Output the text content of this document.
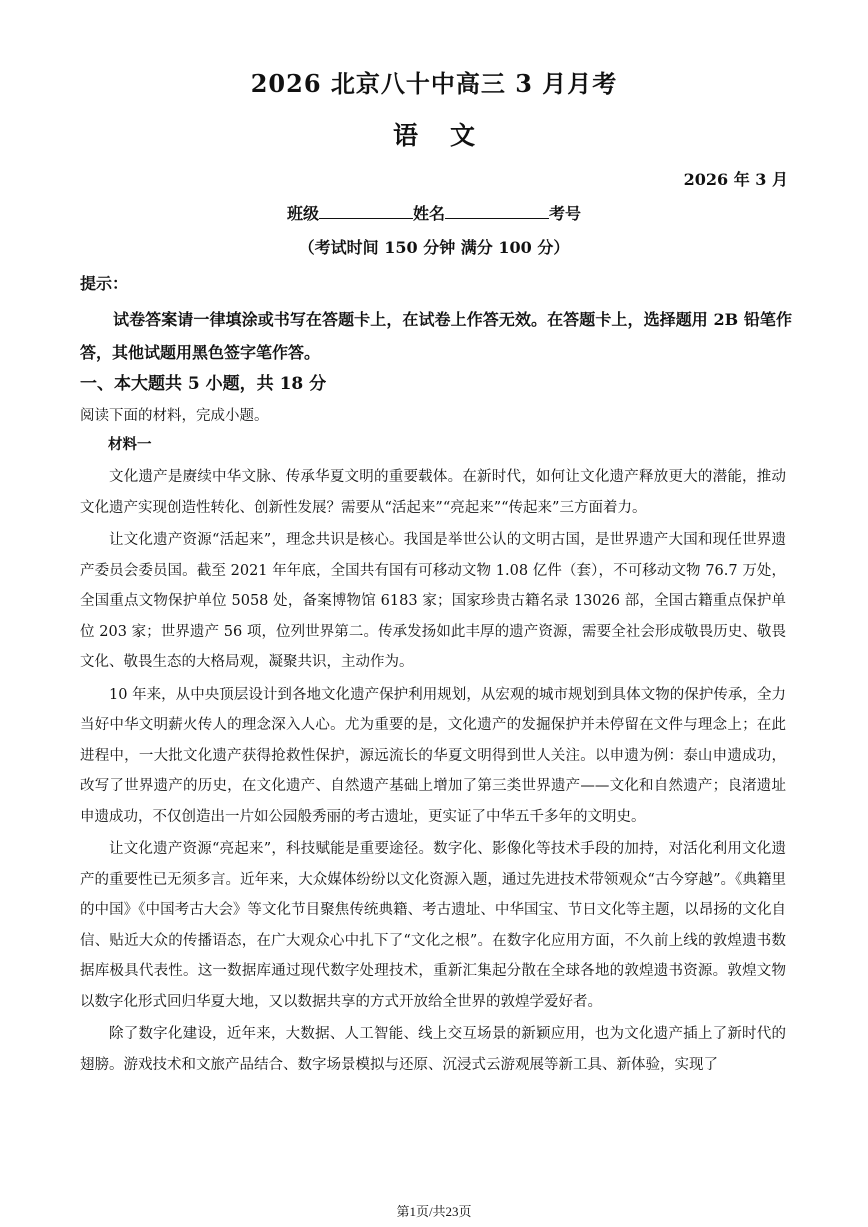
2026 北京八十中高三 3 月月考
语文
2026 年 3 月
班级	姓名	考号
（考试时间 150 分钟 满分 100 分）
提示：
试卷答案请一律填涂或书写在答题卡上，在试卷上作答无效。在答题卡上，选择题用 2B 铅笔作答，其他试题用黑色签字笔作答。
一、本大题共 5 小题，共 18 分
阅读下面的材料，完成小题。
材料一

文化遗产是赓续中华文脉、传承华夏文明的重要载体。在新时代，如何让文化遗产释放更大的潜能，推动文化遗产实现创造性转化、创新性发展？需要从“活起来”“亮起来”“传起来”三方面着力。

让文化遗产资源“活起来”，理念共识是核心。我国是举世公认的文明古国，是世界遗产大国和现任世界遗产委员会委员国。截至 2021 年年底，全国共有国有可移动文物 1.08 亿件（套），不可移动文物 76.7 万处，全国重点文物保护单位 5058 处，备案博物馆 6183 家；国家珍贵古籍名录 13026 部，全国古籍重点保护单位 203 家；世界遗产 56 项，位列世界第二。传承发扬如此丰厚的遗产资源，需要全社会形成敬畏历史、敬畏文化、敬畏生态的大格局观，凝聚共识，主动作为。

10 年来，从中央顶层设计到各地文化遗产保护利用规划，从宏观的城市规划到具体文物的保护传承，全力当好中华文明薪火传人的理念深入人心。尤为重要的是，文化遗产的发掘保护并未停留在文件与理念上；在此进程中，一大批文化遗产获得抢救性保护，源远流长的华夏文明得到世人关注。以申遗为例：泰山申遗成功，改写了世界遗产的历史，在文化遗产、自然遗产基础上增加了第三类世界遗产——文化和自然遗产；良渚遗址申遗成功，不仅创造出一片如公园般秀丽的考古遗址，更实证了中华五千多年的文明史。

让文化遗产资源“亮起来”，科技赋能是重要途径。数字化、影像化等技术手段的加持，对活化利用文化遗产的重要性已无须多言。近年来，大众媒体纷纷以文化资源入题，通过先进技术带领观众“古今穿越”。《典籍里的中国》《中国考古大会》等文化节目聚焦传统典籍、考古遗址、中华国宝、节日文化等主题，以昂扬的文化自信、贴近大众的传播语态，在广大观众心中扎下了“文化之根”。在数字化应用方面，不久前上线的敦煌遗书数据库极具代表性。这一数据库通过现代数字处理技术，重新汇集起分散在全球各地的敦煌遗书资源。敦煌文物以数字化形式回归华夏大地，又以数据共享的方式开放给全世界的敦煌学爱好者。

除了数字化建设，近年来，大数据、人工智能、线上交互场景的新颖应用，也为文化遗产插上了新时代的翅膀。游戏技术和文旅产品结合、数字场景模拟与还原、沉浸式云游观展等新工具、新体验，实现了

第1页/共23页
